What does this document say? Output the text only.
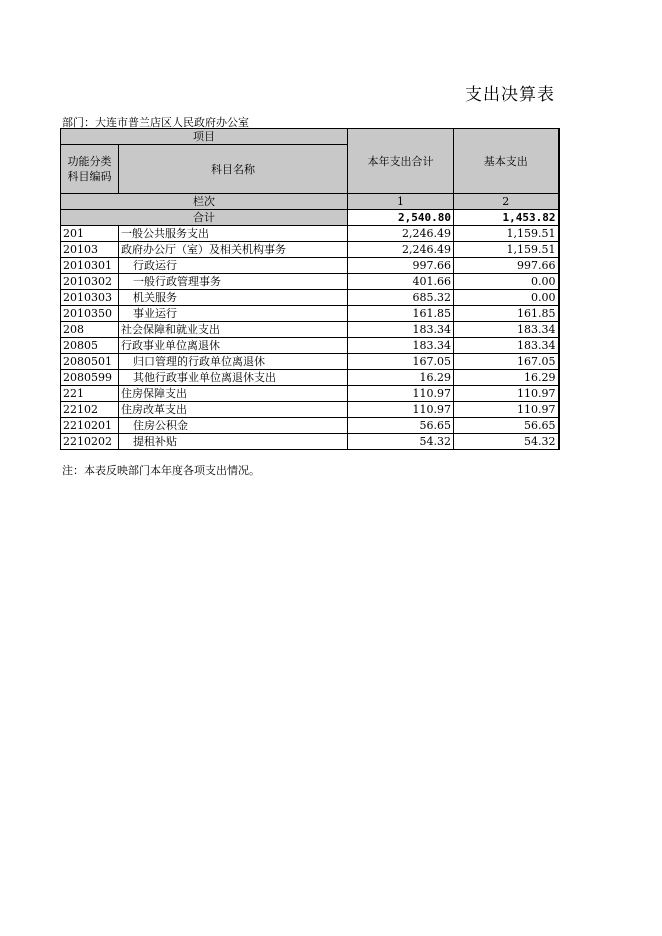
支出决算表
部门：大连市普兰店区人民政府办公室
项目		本年支出合计	基本支出
功能分类
科目编码	科目名称		
栏次		1	2
合计		2,540.80	1,453.82
201	一般公共服务支出	2,246.49	1,159.51
20103	政府办公厅（室）及相关机构事务	2,246.49	1,159.51
2010301	行政运行	997.66	997.66
2010302	一般行政管理事务	401.66	0.00
2010303	机关服务	685.32	0.00
2010350	事业运行	161.85	161.85
208	社会保障和就业支出	183.34	183.34
20805	行政事业单位离退休	183.34	183.34
2080501	归口管理的行政单位离退休	167.05	167.05
2080599	其他行政事业单位离退休支出	16.29	16.29
221	住房保障支出	110.97	110.97
22102	住房改革支出	110.97	110.97
2210201	住房公积金	56.65	56.65
2210202	提租补贴	54.32	54.32
注：本表反映部门本年度各项支出情况。
